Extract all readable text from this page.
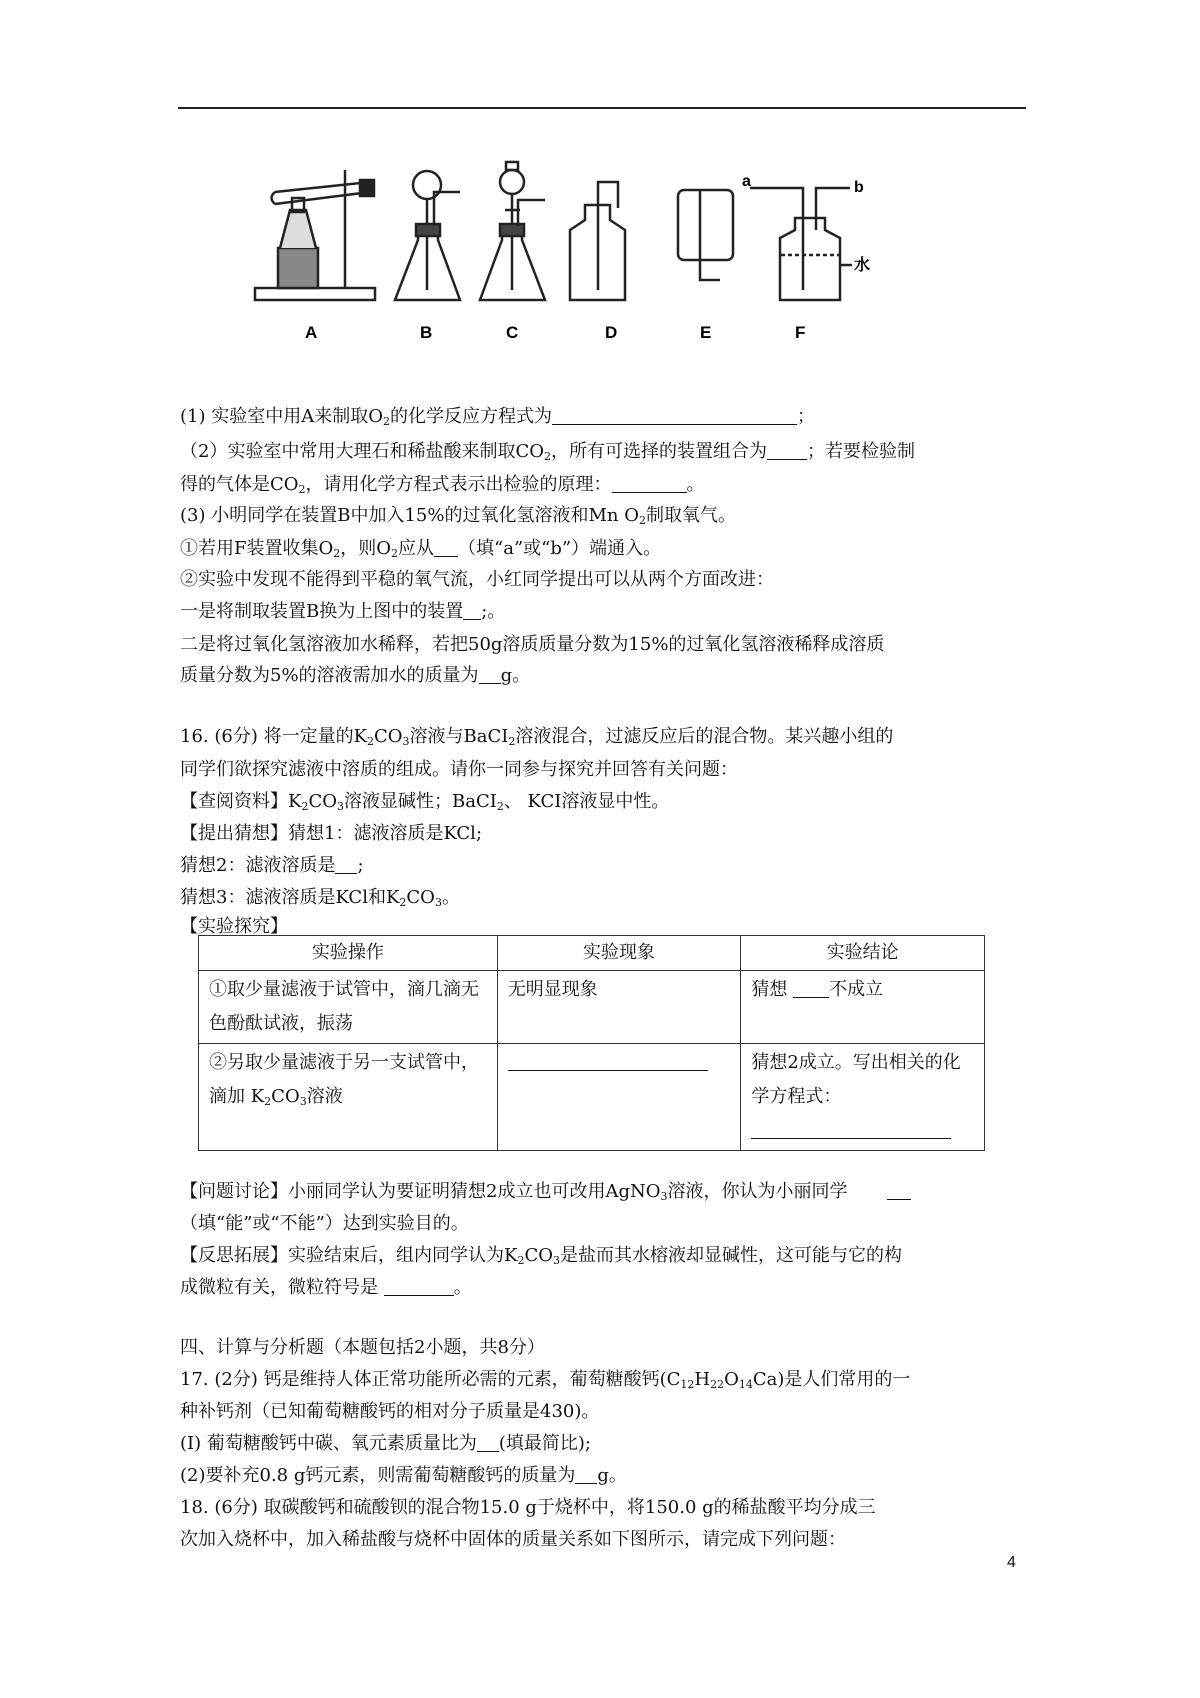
a	b
水
A	B	C	D	E	F
(1) 实验室中用A来制取$O_2$的化学反应方程式为	；
（2）实验室中常用大理石和稀盐酸来制取$CO_2$，所有可选择的装置组合为 ；若要检验制
得的气体是$CO_2$，请用化学方程式表示出检验的原理：	。
(3) 小明同学在装置B中加入15%的过氧化氢溶液和Mn $O_2$制取氧气。
①若用F装置收集$O_2$，则$O_2$应从 （填“a”或“b”）端通入。
②实验中发现不能得到平稳的氧气流，小红同学提出可以从两个方面改进：
一是将制取装置B换为上图中的装置 ;。
二是将过氧化氢溶液加水稀释，若把50g溶质质量分数为15%的过氧化氢溶液稀释成溶质
质量分数为5%的溶液需加水的质量为 g。
16. (6分) 将一定量的$K_2CO_3$溶液与BaCI$_2$溶液混合，过滤反应后的混合物。某兴趣小组的
同学们欲探究滤液中溶质的组成。请你一同参与探究并回答有关问题：
【查阅资料】$K_2CO_3$溶液显碱性；BaCI$_2$、 KCI溶液显中性。
【提出猜想】猜想1：滤液溶质是KCl;
猜想2：滤液溶质是 ;
猜想3：滤液溶质是KCl和$K_2CO_3$。
【实验探究】
实验操作	实验现象	实验结论
①取少量滤液于试管中，滴几滴无色酚酞试液，振荡	无明显现象	猜想 不成立
②另取少量滤液于另一支试管中，滴加 $K_2CO_3$溶液		猜想2成立。写出相关的化学方程式：

【问题讨论】小丽同学认为要证明猜想2成立也可改用AgNO$_3$溶液，你认为小丽同学
（填“能”或“不能”）达到实验目的。
【反思拓展】实验结束后，组内同学认为$K_2CO_3$是盐而其水榕液却显碱性，这可能与它的构
成微粒有关，微粒符号是	。
四、计算与分析题（本题包括2小题，共8分）
17. (2分) 钙是维持人体正常功能所必需的元素，葡萄糖酸钙$(C_{12}H_{22}O_{14}Ca)$是人们常用的一
种补钙剂（已知葡萄糖酸钙的相对分子质量是430)。
(I) 葡萄糖酸钙中碳、氧元素质量比为 (填最简比);
(2)要补充0.8 g钙元素，则需葡萄糖酸钙的质量为 g。
18. (6分) 取碳酸钙和硫酸钡的混合物15.0 g于烧杯中，将150.0 g的稀盐酸平均分成三
次加入烧杯中，加入稀盐酸与烧杯中固体的质量关系如下图所示，请完成下列问题：
4
